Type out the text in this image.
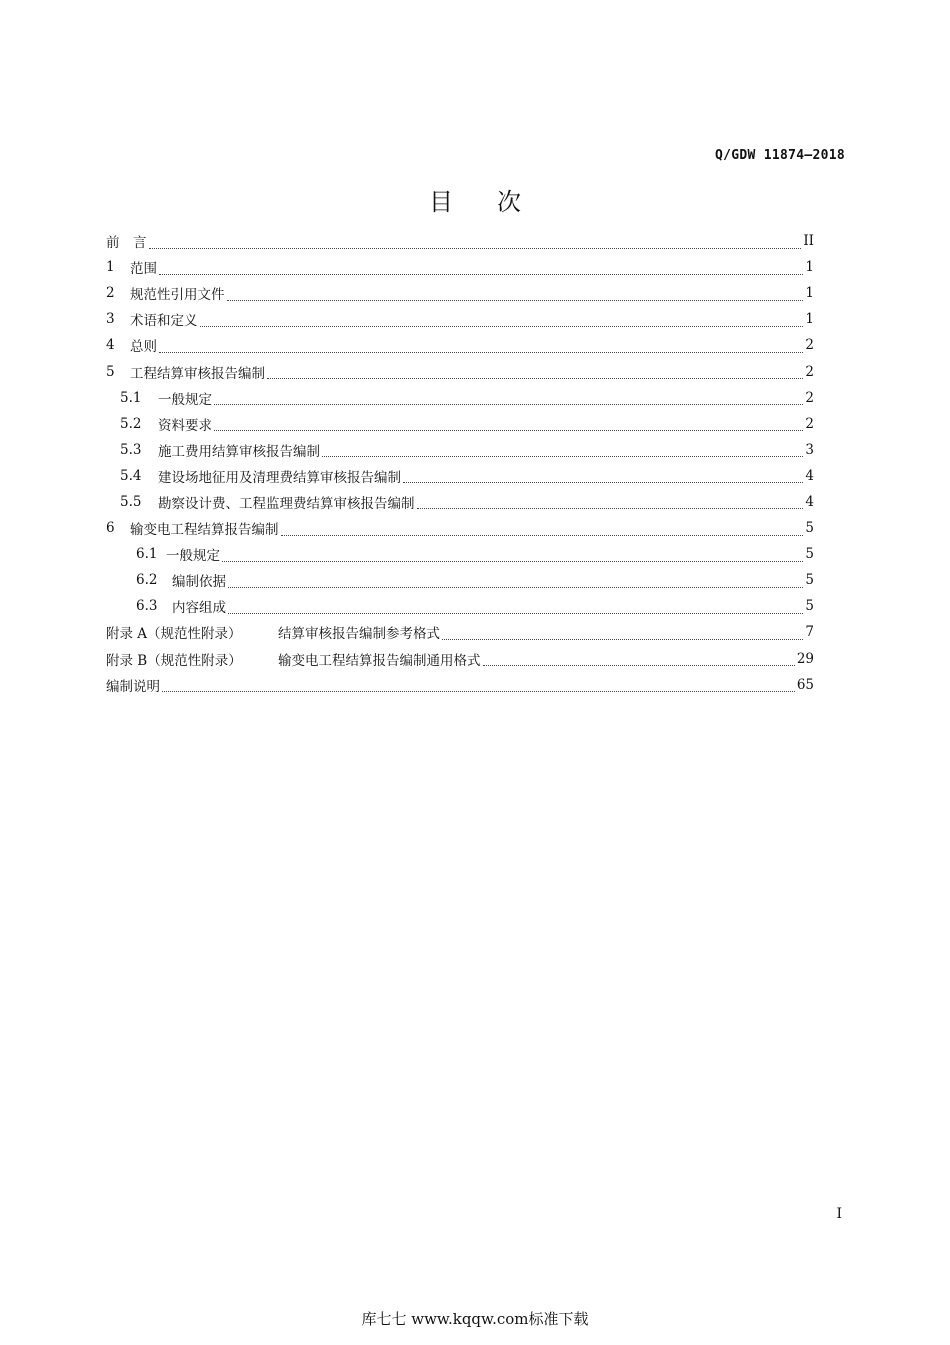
Q/GDW 11874—2018
目次
前　言	II
1	范围	1
2	规范性引用文件	1
3	术语和定义	1
4	总则	2
5	工程结算审核报告编制	2
5.1	一般规定	2
5.2	资料要求	2
5.3	施工费用结算审核报告编制	3
5.4	建设场地征用及清理费结算审核报告编制	4
5.5	勘察设计费、工程监理费结算审核报告编制	4
6	输变电工程结算报告编制	5
6.1 一般规定	5
6.2	编制依据	5
6.3	内容组成	5
附录 A（规范性附录）	结算审核报告编制参考格式	7
附录 B（规范性附录）	输变电工程结算报告编制通用格式	29
编制说明	65
I
库七七 www.kqqw.com标准下载
